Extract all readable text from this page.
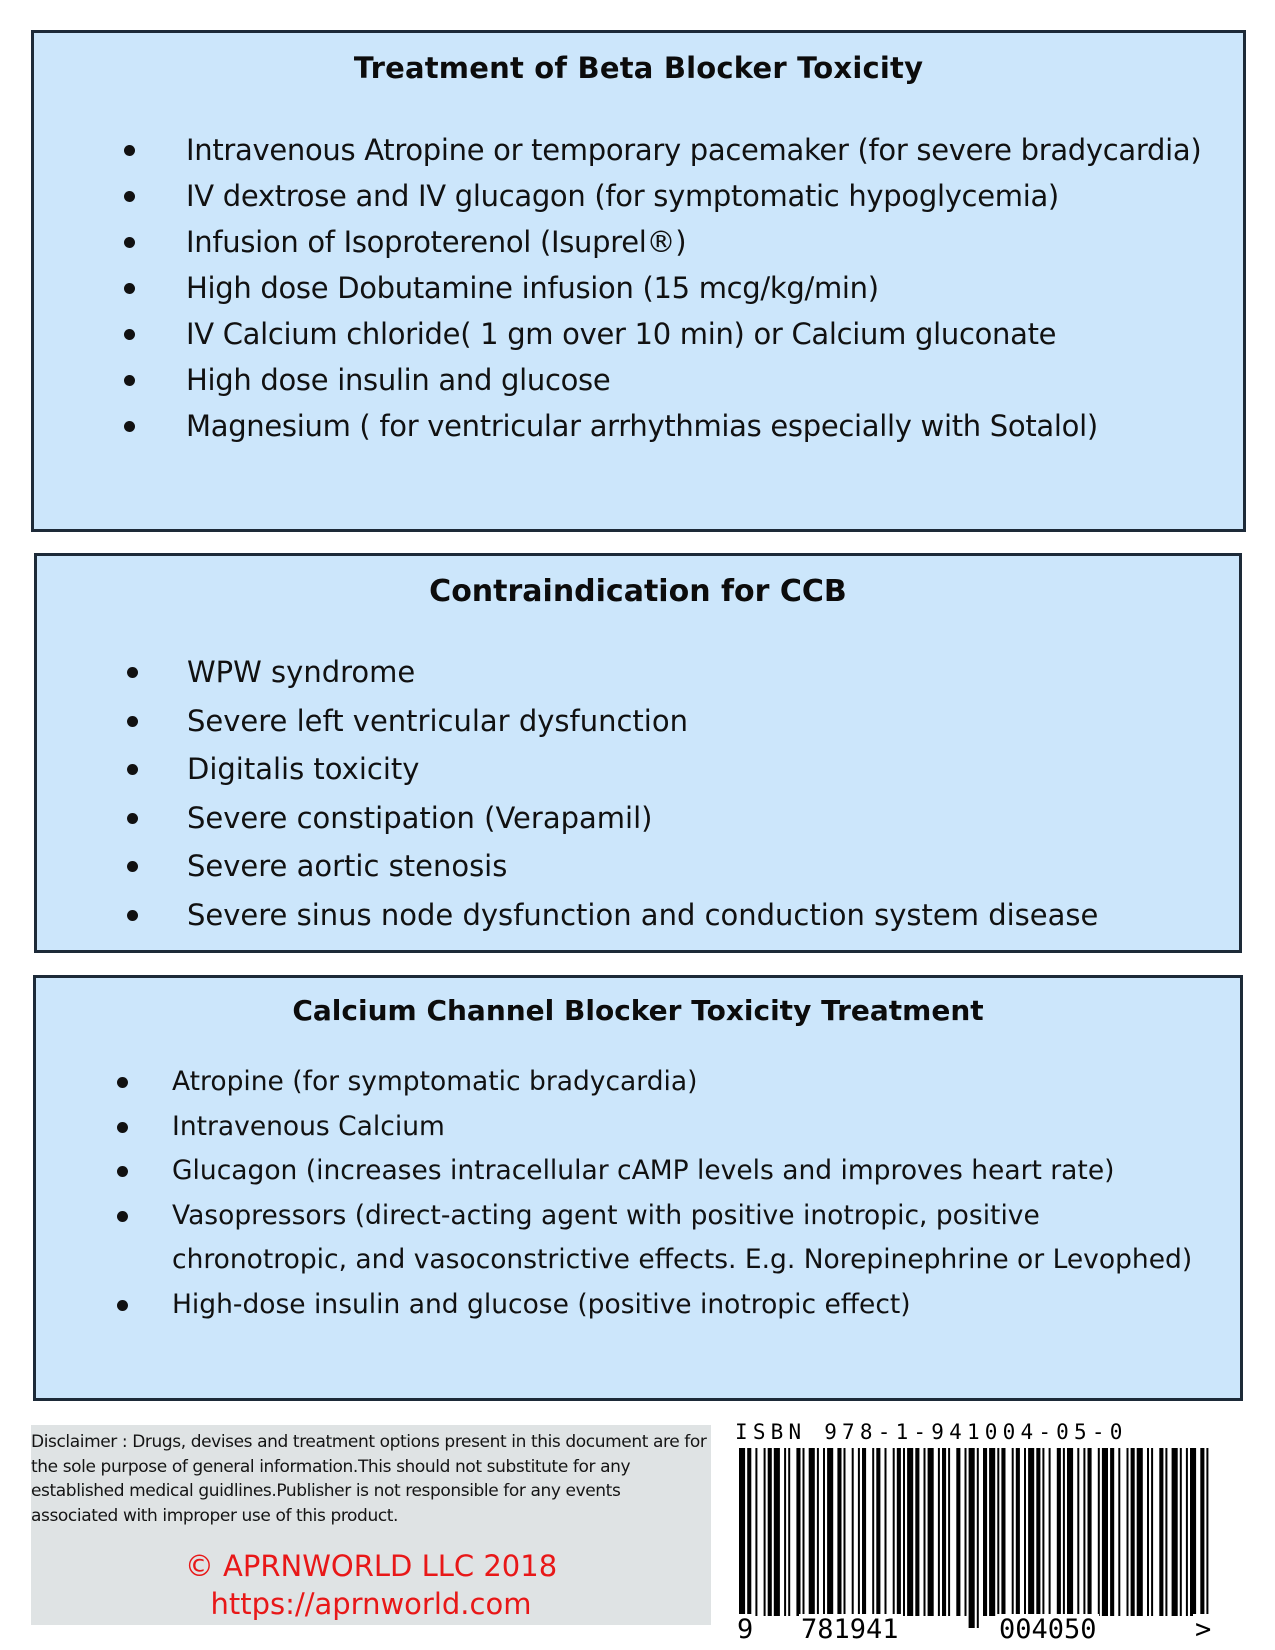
Treatment of Beta Blocker Toxicity
Intravenous Atropine or temporary pacemaker (for severe bradycardia)
IV dextrose and IV glucagon (for symptomatic hypoglycemia)
Infusion of Isoproterenol (Isuprel®)
High dose Dobutamine infusion (15 mcg/kg/min)
IV Calcium chloride( 1 gm over 10 min) or Calcium gluconate
High dose insulin and glucose
Magnesium ( for ventricular arrhythmias especially with Sotalol)
Contraindication for CCB
WPW syndrome
Severe left ventricular dysfunction
Digitalis toxicity
Severe constipation (Verapamil)
Severe aortic stenosis
Severe sinus node dysfunction and conduction system disease
Calcium Channel Blocker Toxicity Treatment
Atropine (for symptomatic bradycardia)
Intravenous Calcium
Glucagon (increases intracellular cAMP levels and improves heart rate)
Vasopressors (direct-acting agent with positive inotropic, positive chronotropic, and vasoconstrictive effects. E.g. Norepinephrine or Levophed)
High-dose insulin and glucose (positive inotropic effect)
Disclaimer : Drugs, devises and treatment options present in this document are for the sole purpose of general information.This should not substitute for any established medical guidlines.Publisher is not responsible for any events associated with improper use of this product.
© APRNWORLD LLC 2018
https://aprnworld.com
ISBN 978-1-941004-05-0
9 781941	004050	>
